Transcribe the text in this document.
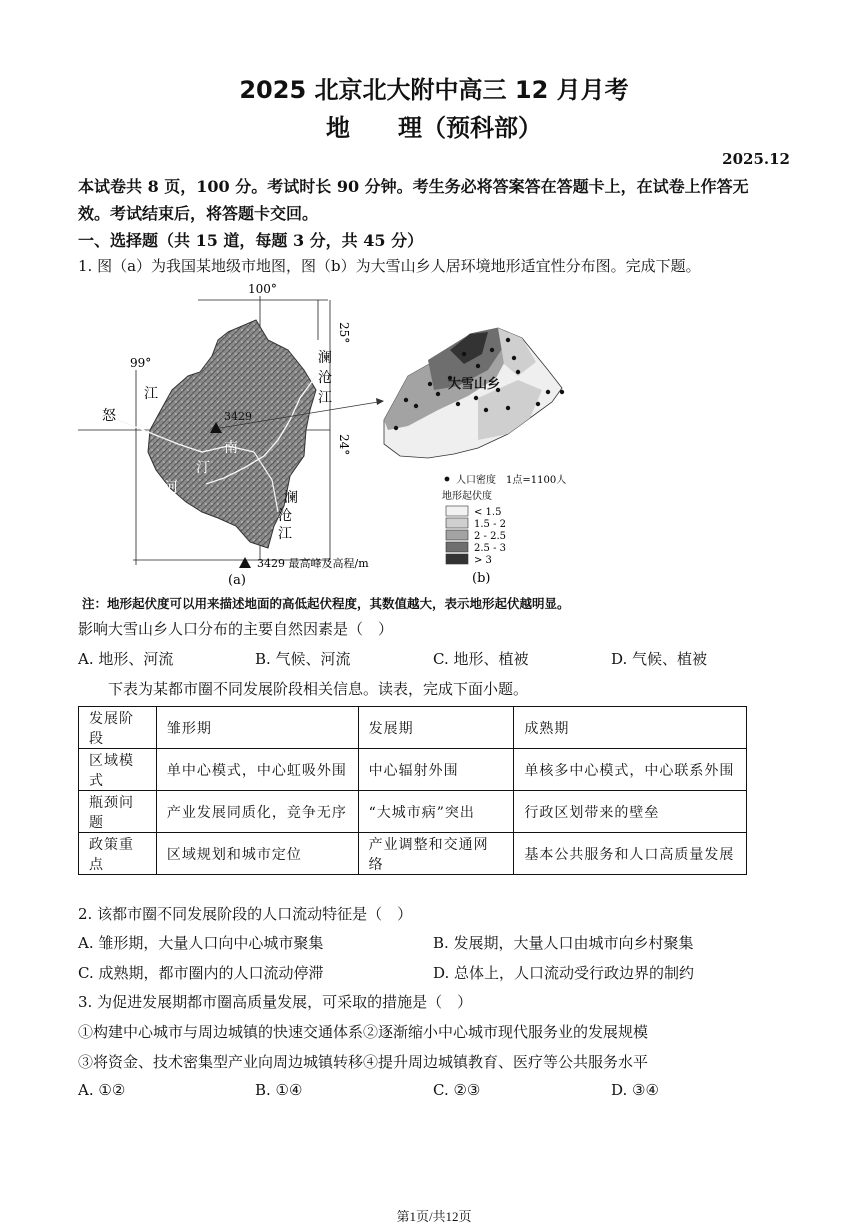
2025 北京北大附中高三 12 月月考
地　　理（预科部）
2025.12
本试卷共 8 页，100 分。考试时长 90 分钟。考生务必将答案答在答题卡上，在试卷上作答无
效。考试结束后，将答题卡交回。
一、选择题（共 15 道，每题 3 分，共 45 分）
1. 图（a）为我国某地级市地图，图（b）为大雪山乡人居环境地形适宜性分布图。完成下题。
3429
100°
99°
25°
24°
澜
沧
江
怒
江
南
汀
河
澜
沧
江
3429 最高峰及高程/m
(a)
大雪山乡
人口密度　1点=1100人
地形起伏度
< 1.5
1.5 - 2
2 - 2.5
2.5 - 3
> 3
(b)
注：地形起伏度可以用来描述地面的高低起伏程度，其数值越大，表示地形起伏越明显。
影响大雪山乡人口分布的主要自然因素是（　）
A. 地形、河流	B. 气候、河流	C. 地形、植被	D. 气候、植被
下表为某都市圈不同发展阶段相关信息。读表，完成下面小题。
发展阶段	雏形期	发展期	成熟期
区域模式	单中心模式，中心虹吸外围	中心辐射外围	单核多中心模式，中心联系外围
瓶颈问题	产业发展同质化，竞争无序	“大城市病”突出	行政区划带来的壁垒
政策重点	区域规划和城市定位	产业调整和交通网络	基本公共服务和人口高质量发展
2. 该都市圈不同发展阶段的人口流动特征是（　）
A. 雏形期，大量人口向中心城市聚集	B. 发展期，大量人口由城市向乡村聚集
C. 成熟期，都市圈内的人口流动停滞	D. 总体上，人口流动受行政边界的制约
3. 为促进发展期都市圈高质量发展，可采取的措施是（　）
①构建中心城市与周边城镇的快速交通体系②逐渐缩小中心城市现代服务业的发展规模
③将资金、技术密集型产业向周边城镇转移④提升周边城镇教育、医疗等公共服务水平
A. ①②	B. ①④	C. ②③	D. ③④
第1页/共12页
